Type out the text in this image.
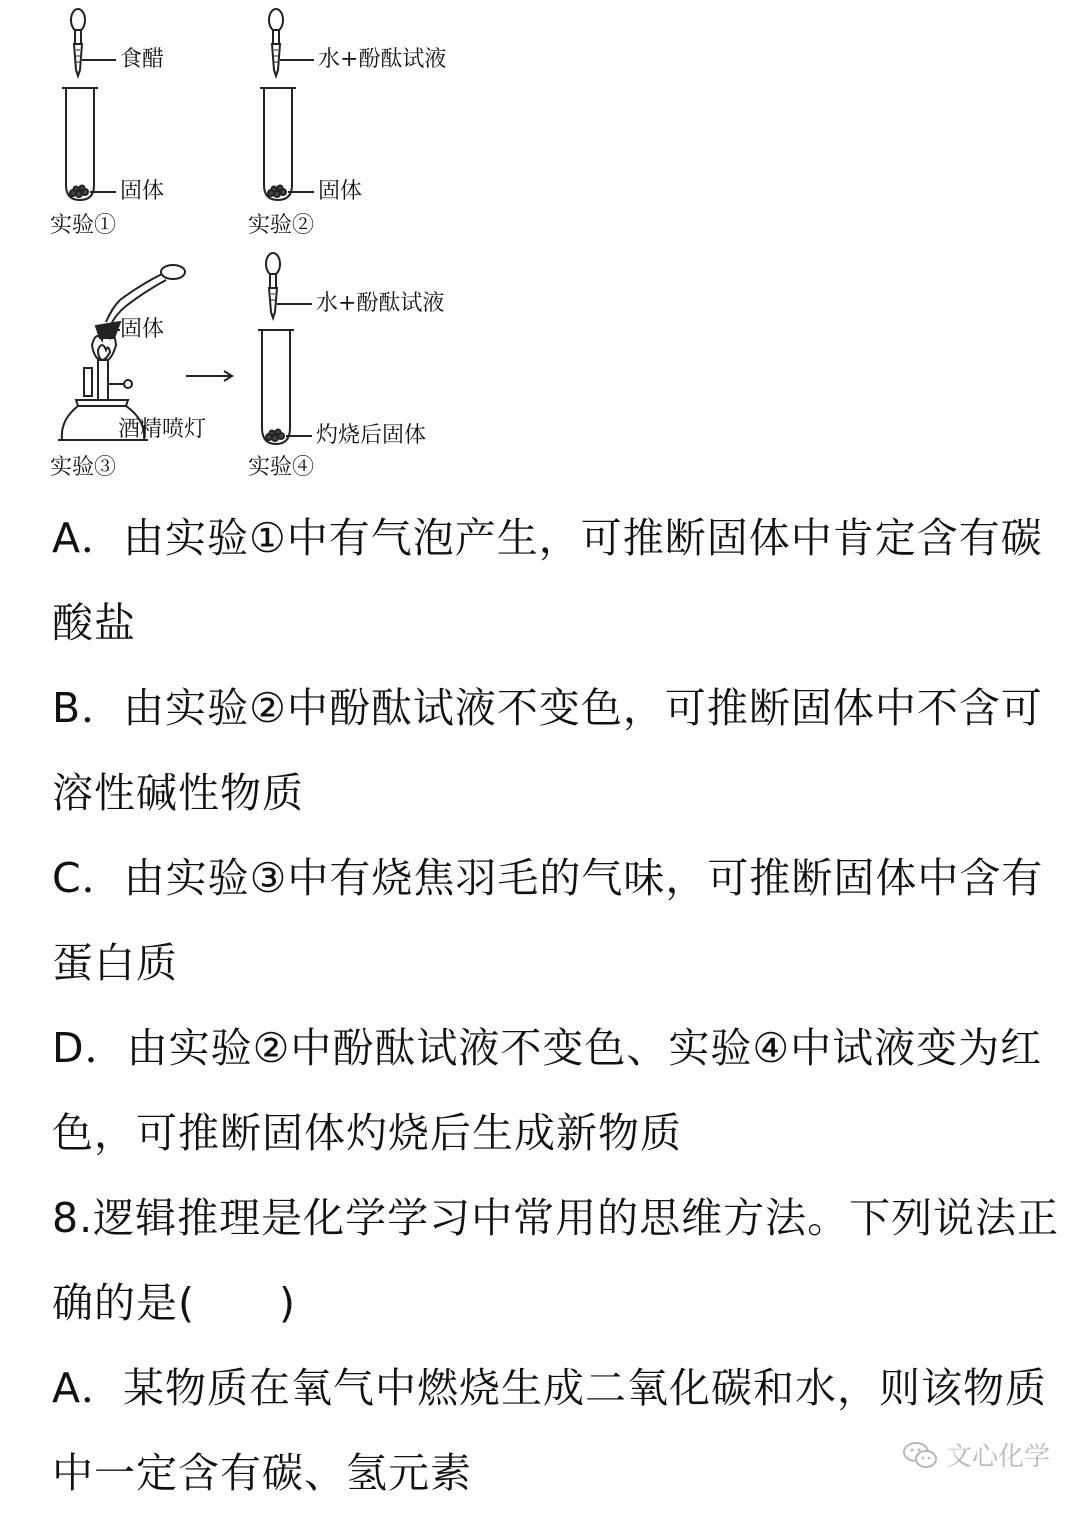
食醋
固体
实验①
水+酚酞试液
固体
实验②
固体
酒精喷灯
实验③
水+酚酞试液
灼烧后固体
实验④
A．由实验①中有气泡产生，可推断固体中肯定含有碳
酸盐
B．由实验②中酚酞试液不变色，可推断固体中不含可
溶性碱性物质
C．由实验③中有烧焦羽毛的气味，可推断固体中含有
蛋白质
D．由实验②中酚酞试液不变色、实验④中试液变为红
色，可推断固体灼烧后生成新物质
8.逻辑推理是化学学习中常用的思维方法。下列说法正
确的是(　　)
A．某物质在氧气中燃烧生成二氧化碳和水，则该物质
中一定含有碳、氢元素	文心化学
